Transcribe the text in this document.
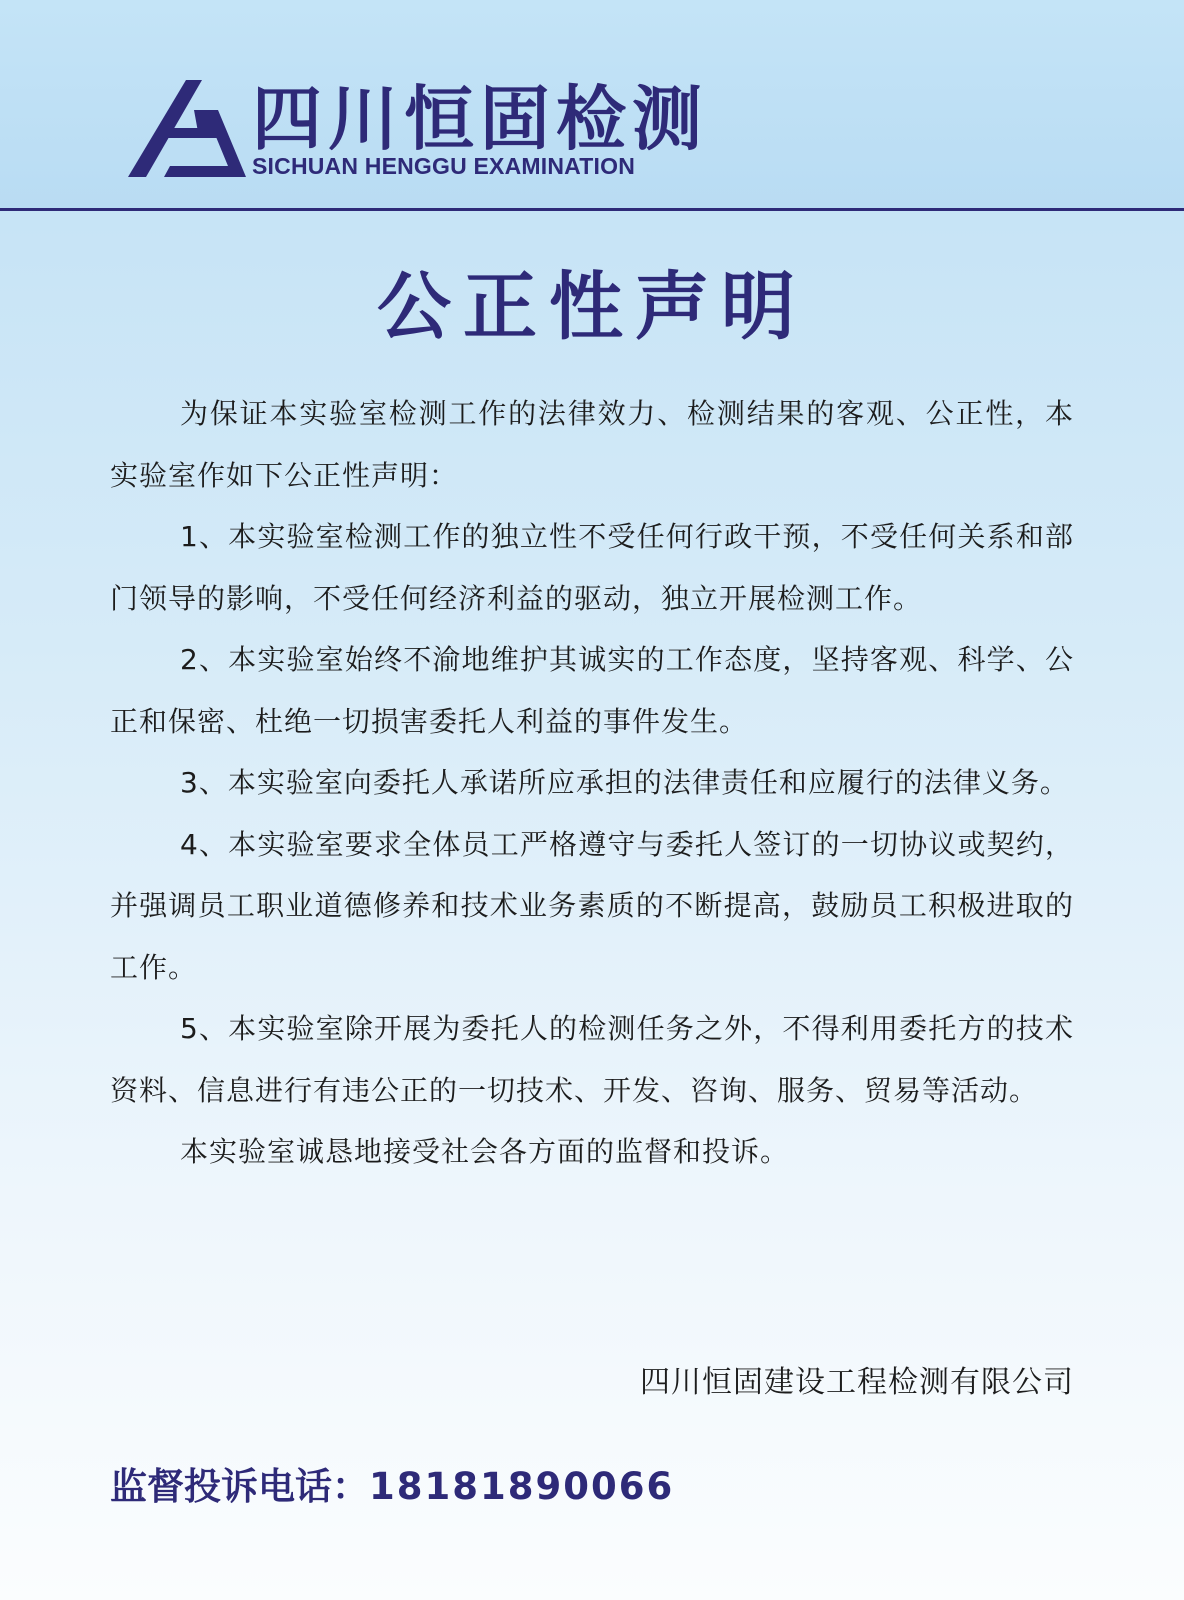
四川恒固检测
SICHUAN HENGGU EXAMINATION
公正性声明

为保证本实验室检测工作的法律效力、检测结果的客观、公正性，本实验室作如下公正性声明：

1、本实验室检测工作的独立性不受任何行政干预，不受任何关系和部门领导的影响，不受任何经济利益的驱动，独立开展检测工作。

2、本实验室始终不渝地维护其诚实的工作态度，坚持客观、科学、公正和保密、杜绝一切损害委托人利益的事件发生。

3、本实验室向委托人承诺所应承担的法律责任和应履行的法律义务。

4、本实验室要求全体员工严格遵守与委托人签订的一切协议或契约，并强调员工职业道德修养和技术业务素质的不断提高，鼓励员工积极进取的工作。

5、本实验室除开展为委托人的检测任务之外，不得利用委托方的技术资料、信息进行有违公正的一切技术、开发、咨询、服务、贸易等活动。

本实验室诚恳地接受社会各方面的监督和投诉。

四川恒固建设工程检测有限公司
监督投诉电话：18181890066
